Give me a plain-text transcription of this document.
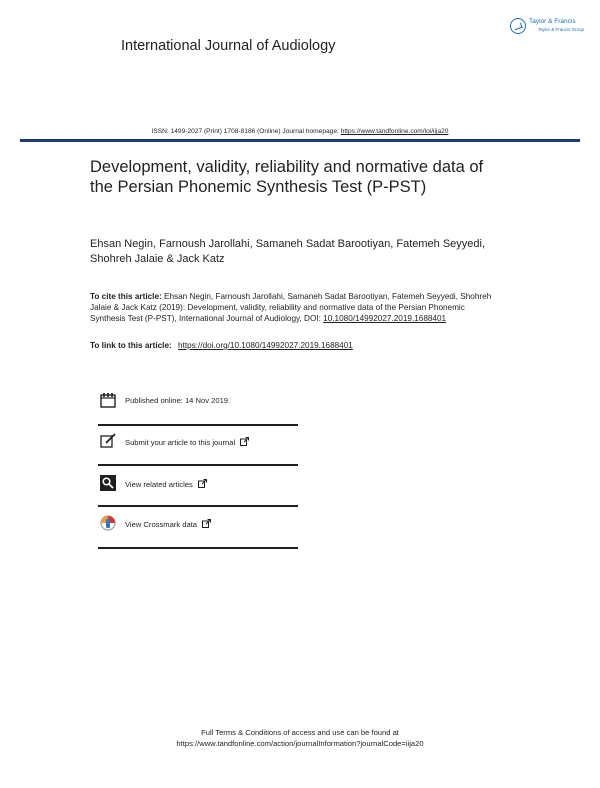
International Journal of Audiology
Taylor & Francis
Taylor & Francis Group
ISSN: 1499-2027 (Print) 1708-8186 (Online) Journal homepage: https://www.tandfonline.com/loi/iija20
Development, validity, reliability and normative data of the Persian Phonemic Synthesis Test (P-PST)
Ehsan Negin, Farnoush Jarollahi, Samaneh Sadat Barootiyan, Fatemeh Seyyedi, Shohreh Jalaie & Jack Katz
To cite this article: Ehsan Negin, Farnoush Jarollahi, Samaneh Sadat Barootiyan, Fatemeh Seyyedi, Shohreh Jalaie & Jack Katz (2019): Development, validity, reliability and normative data of the Persian Phonemic Synthesis Test (P-PST), International Journal of Audiology, DOI: 10.1080/14992027.2019.1688401
To link to this article: https://doi.org/10.1080/14992027.2019.1688401
Published online: 14 Nov 2019.
Submit your article to this journal
View related articles
View Crossmark data
Full Terms & Conditions of access and use can be found at
https://www.tandfonline.com/action/journalInformation?journalCode=iija20
